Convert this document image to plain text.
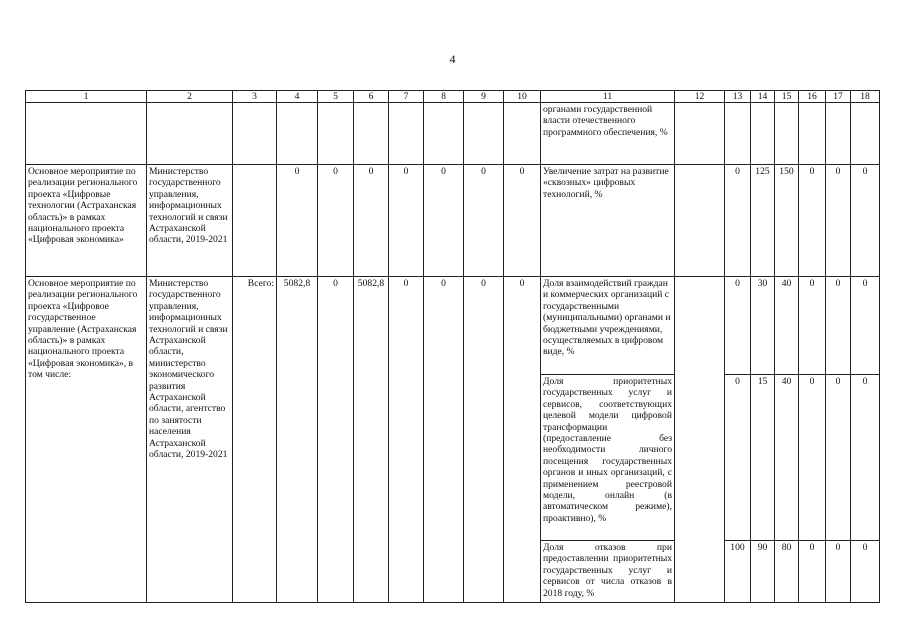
4
1	2	3	4	5	6	7	8	9	10	11	12	13	14	15	16	17	18
										органами государственной власти отечественного программного обеспечения, %							
Основное мероприятие по реализации регионального проекта «Цифровые технологии (Астраханская область)» в рамках национального проекта «Цифровая экономика»	Министерство государственного управления, информационных технологий и связи Астраханской области, 2019-2021		0	0	0	0	0	0	0	Увеличение затрат на развитие «сквозных» цифровых технологий, %		0	125	150	0	0	0
Основное мероприятие по реализации регионального проекта «Цифровое государственное управление (Астраханская область)» в рамках национального проекта «Цифровая экономика», в том числе:	Министерство государственного управления, информационных технологий и связи Астраханской области, министерство экономического развития Астраханской области, агентство по занятости населения Астраханской области, 2019-2021	Всего:	5082,8	0	5082,8	0	0	0	0	Доля взаимодействий граждан и коммерческих организаций с государственными (муниципальными) органами и бюджетными учреждениями, осуществляемых в цифровом виде, %		0	30	40	0	0	0
										Доля приоритетных государственных услуг и сервисов, соответствующих целевой модели цифровой трансформации (предоставление без необходимости личного посещения государственных органов и иных организаций, с применением реестровой модели, онлайн (в автоматическом режиме), проактивно), %		0	15	40	0	0	0
										Доля отказов при предоставлении приоритетных государственных услуг и сервисов от числа отказов в 2018 году, %		100	90	80	0	0	0
